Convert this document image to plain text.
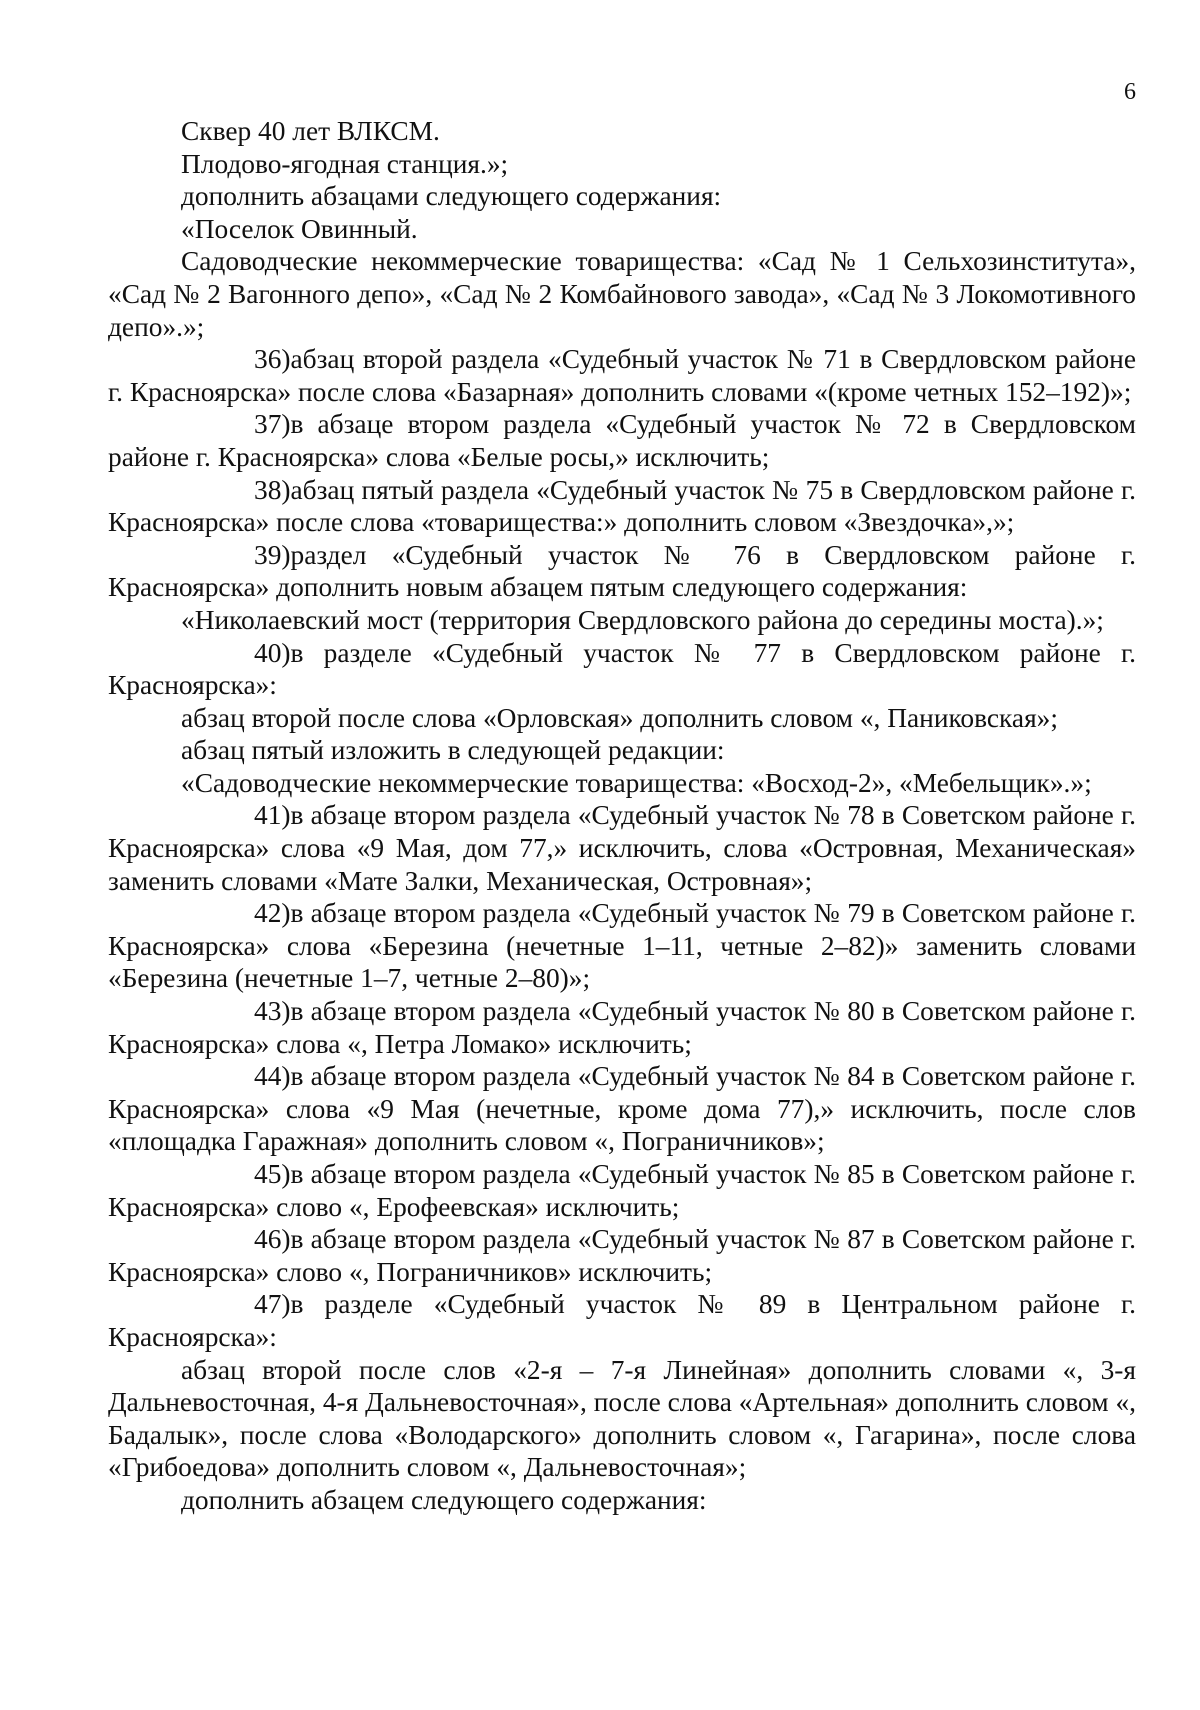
6

Сквер 40 лет ВЛКСМ.

Плодово-ягодная станция.»;

дополнить абзацами следующего содержания:

«Поселок Овинный.

Садоводческие некоммерческие товарищества: «Сад № 1 Сельхозинститута», «Сад № 2 Вагонного депо», «Сад № 2 Комбайнового завода», «Сад № 3 Локомотивного депо».»;

36)абзац второй раздела «Судебный участок № 71 в Свердловском районе г. Красноярска» после слова «Базарная» дополнить словами «(кроме четных 152–192)»;

37)в абзаце втором раздела «Судебный участок № 72 в Свердловском районе г. Красноярска» слова «Белые росы,» исключить;

38)абзац пятый раздела «Судебный участок № 75 в Свердловском районе г. Красноярска» после слова «товарищества:» дополнить словом «Звездочка»,»;

39)раздел «Судебный участок № 76 в Свердловском районе г. Красноярска» дополнить новым абзацем пятым следующего содержания:

«Николаевский мост (территория Свердловского района до середины моста).»;

40)в разделе «Судебный участок № 77 в Свердловском районе г. Красноярска»:

абзац второй после слова «Орловская» дополнить словом «, Паниковская»;

абзац пятый изложить в следующей редакции:

«Садоводческие некоммерческие товарищества: «Восход-2», «Мебельщик».»;

41)в абзаце втором раздела «Судебный участок № 78 в Советском районе г. Красноярска» слова «9 Мая, дом 77,» исключить, слова «Островная, Механическая» заменить словами «Мате Залки, Механическая, Островная»;

42)в абзаце втором раздела «Судебный участок № 79 в Советском районе г. Красноярска» слова «Березина (нечетные 1–11, четные 2–82)» заменить словами «Березина (нечетные 1–7, четные 2–80)»;

43)в абзаце втором раздела «Судебный участок № 80 в Советском районе г. Красноярска» слова «, Петра Ломако» исключить;

44)в абзаце втором раздела «Судебный участок № 84 в Советском районе г. Красноярска» слова «9 Мая (нечетные, кроме дома 77),» исключить, после слов «площадка Гаражная» дополнить словом «, Пограничников»;

45)в абзаце втором раздела «Судебный участок № 85 в Советском районе г. Красноярска» слово «, Ерофеевская» исключить;

46)в абзаце втором раздела «Судебный участок № 87 в Советском районе г. Красноярска» слово «, Пограничников» исключить;

47)в разделе «Судебный участок № 89 в Центральном районе г. Красноярска»:

абзац второй после слов «2-я – 7-я Линейная» дополнить словами «, 3-я Дальневосточная, 4-я Дальневосточная», после слова «Артельная» дополнить словом «, Бадалык», после слова «Володарского» дополнить словом «, Гагарина», после слова «Грибоедова» дополнить словом «, Дальневосточная»;

дополнить абзацем следующего содержания:
